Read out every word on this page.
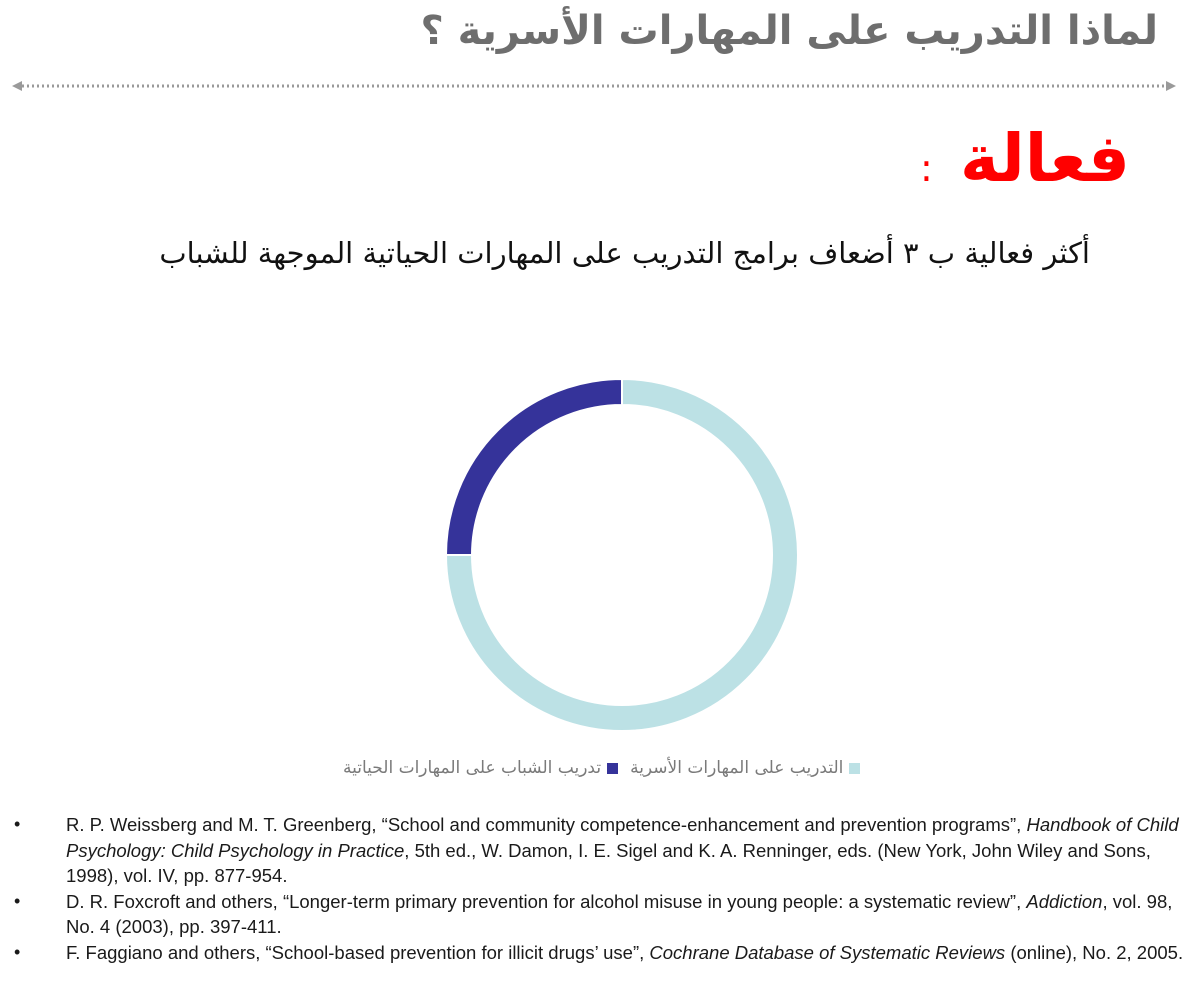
لماذا التدريب على المهارات الأسرية ؟
فعالة :
أكثر فعالية ب ٣ أضعاف برامج التدريب على المهارات الحياتية الموجهة للشباب
التدريب على المهارات الأسرية
تدريب الشباب على المهارات الحياتية
•	R. P. Weissberg and M. T. Greenberg, “School and community competence-enhancement and prevention programs”, Handbook of Child Psychology: Child Psychology in Practice, 5th ed., W. Damon, I. E. Sigel and K. A. Renninger, eds. (New York, John Wiley and Sons, 1998), vol. IV, pp. 877-954.
•	D. R. Foxcroft and others, “Longer-term primary prevention for alcohol misuse in young people: a systematic review”, Addiction, vol. 98, No. 4 (2003), pp. 397-411.
•	F. Faggiano and others, “School-based prevention for illicit drugs’ use”, Cochrane Database of Systematic Reviews (online), No. 2, 2005.
